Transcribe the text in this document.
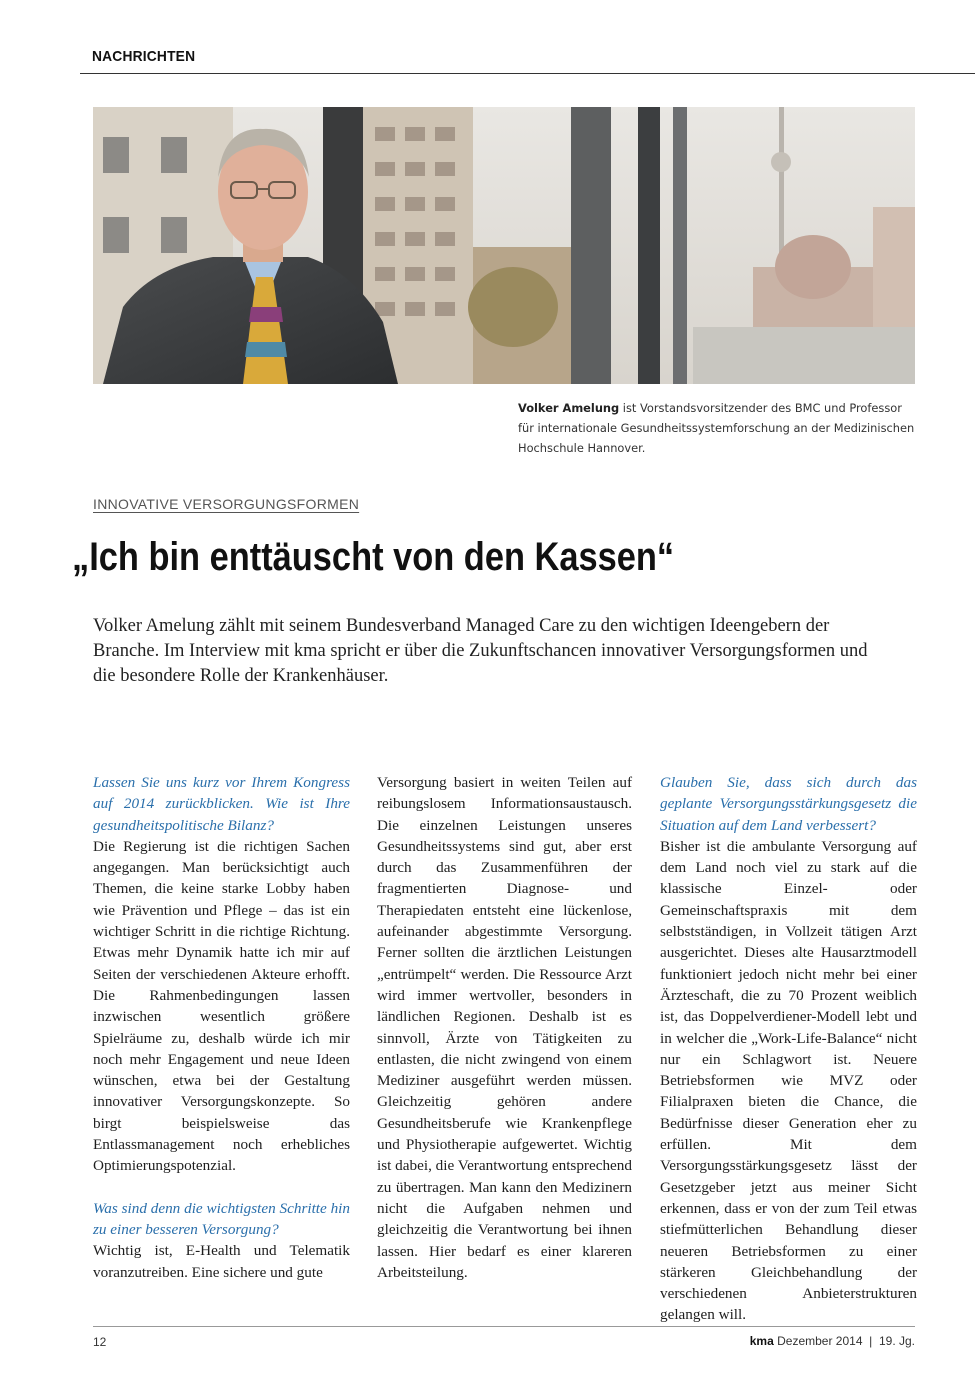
NACHRICHTEN
Volker Amelung ist Vorstandsvorsitzender des BMC und Professor für internationale Gesundheitssystemforschung an der Medizinischen Hochschule Hannover.
INNOVATIVE VERSORGUNGSFORMEN
„Ich bin enttäuscht von den Kassen“
Volker Amelung zählt mit seinem Bundesverband Managed Care zu den wichtigen Ideengebern der Branche. Im Interview mit kma spricht er über die Zukunftschancen innovativer Versorgungsformen und die besondere Rolle der Krankenhäuser.

Lassen Sie uns kurz vor Ihrem Kongress auf 2014 zurückblicken. Wie ist Ihre gesundheitspolitische Bilanz?

Die Regierung ist die richtigen Sachen angegangen. Man berücksichtigt auch Themen, die keine starke Lobby haben wie Prävention und Pflege – das ist ein wichtiger Schritt in die richtige Richtung. Etwas mehr Dynamik hatte ich mir auf Seiten der verschiedenen Akteure erhofft. Die Rahmenbedingungen lassen inzwischen wesentlich größere Spielräume zu, deshalb würde ich mir noch mehr Engagement und neue Ideen wünschen, etwa bei der Gestaltung innovativer Versorgungskonzepte. So birgt beispielsweise das Entlassmanagement noch erhebliches Optimierungspotenzial.

Was sind denn die wichtigsten Schritte hin zu einer besseren Versorgung?

Wichtig ist, E-Health und Telematik voranzutreiben. Eine sichere und gute

Versorgung basiert in weiten Teilen auf reibungslosem Informationsaustausch. Die einzelnen Leistungen unseres Gesundheitssystems sind gut, aber erst durch das Zusammenführen der fragmentierten Diagnose- und Therapiedaten entsteht eine lückenlose, aufeinander abgestimmte Versorgung. Ferner sollten die ärztlichen Leistungen „entrümpelt“ werden. Die Ressource Arzt wird immer wertvoller, besonders in ländlichen Regionen. Deshalb ist es sinnvoll, Ärzte von Tätigkeiten zu entlasten, die nicht zwingend von einem Mediziner ausgeführt werden müssen. Gleichzeitig gehören andere Gesundheitsberufe wie Krankenpflege und Physiotherapie aufgewertet. Wichtig ist dabei, die Verantwortung entsprechend zu übertragen. Man kann den Medizinern nicht die Aufgaben nehmen und gleichzeitig die Verantwortung bei ihnen lassen. Hier bedarf es einer klareren Arbeitsteilung.

Glauben Sie, dass sich durch das geplante Versorgungsstärkungsgesetz die Situation auf dem Land verbessert?

Bisher ist die ambulante Versorgung auf dem Land noch viel zu stark auf die klassische Einzel- oder Gemeinschaftspraxis mit dem selbstständigen, in Vollzeit tätigen Arzt ausgerichtet. Dieses alte Hausarztmodell funktioniert jedoch nicht mehr bei einer Ärzteschaft, die zu 70 Prozent weiblich ist, das Doppelverdiener-Modell lebt und in welcher die „Work-Life-Balance“ nicht nur ein Schlagwort ist. Neuere Betriebsformen wie MVZ oder Filialpraxen bieten die Chance, die Bedürfnisse dieser Generation eher zu erfüllen. Mit dem Versorgungsstärkungsgesetz lässt der Gesetzgeber jetzt aus meiner Sicht erkennen, dass er von der zum Teil etwas stiefmütterlichen Behandlung dieser neueren Betriebsformen zu einer stärkeren Gleichbehandlung der verschiedenen Anbieterstrukturen gelangen will.

12	kma Dezember 2014 | 19. Jg.
